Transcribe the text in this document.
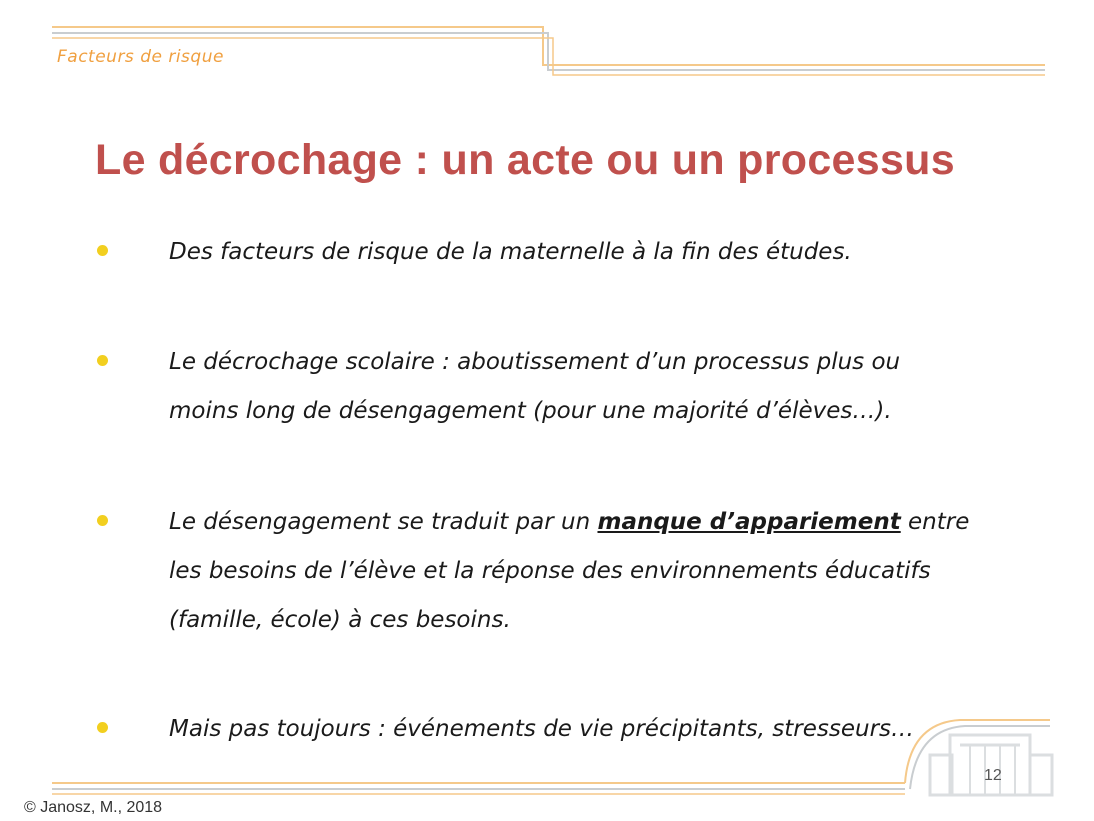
Facteurs de risque
Le décrochage : un acte ou un processus
Des facteurs de risque de la maternelle à la fin des études.
Le décrochage scolaire : aboutissement d’un processus plus ou
moins long de désengagement (pour une majorité d’élèves…).
Le désengagement se traduit par un manque d’appariement entre
les besoins de l’élève et la réponse des environnements éducatifs
(famille, école) à ces besoins.
Mais pas toujours : événements de vie précipitants, stresseurs…
12
© Janosz, M., 2018
